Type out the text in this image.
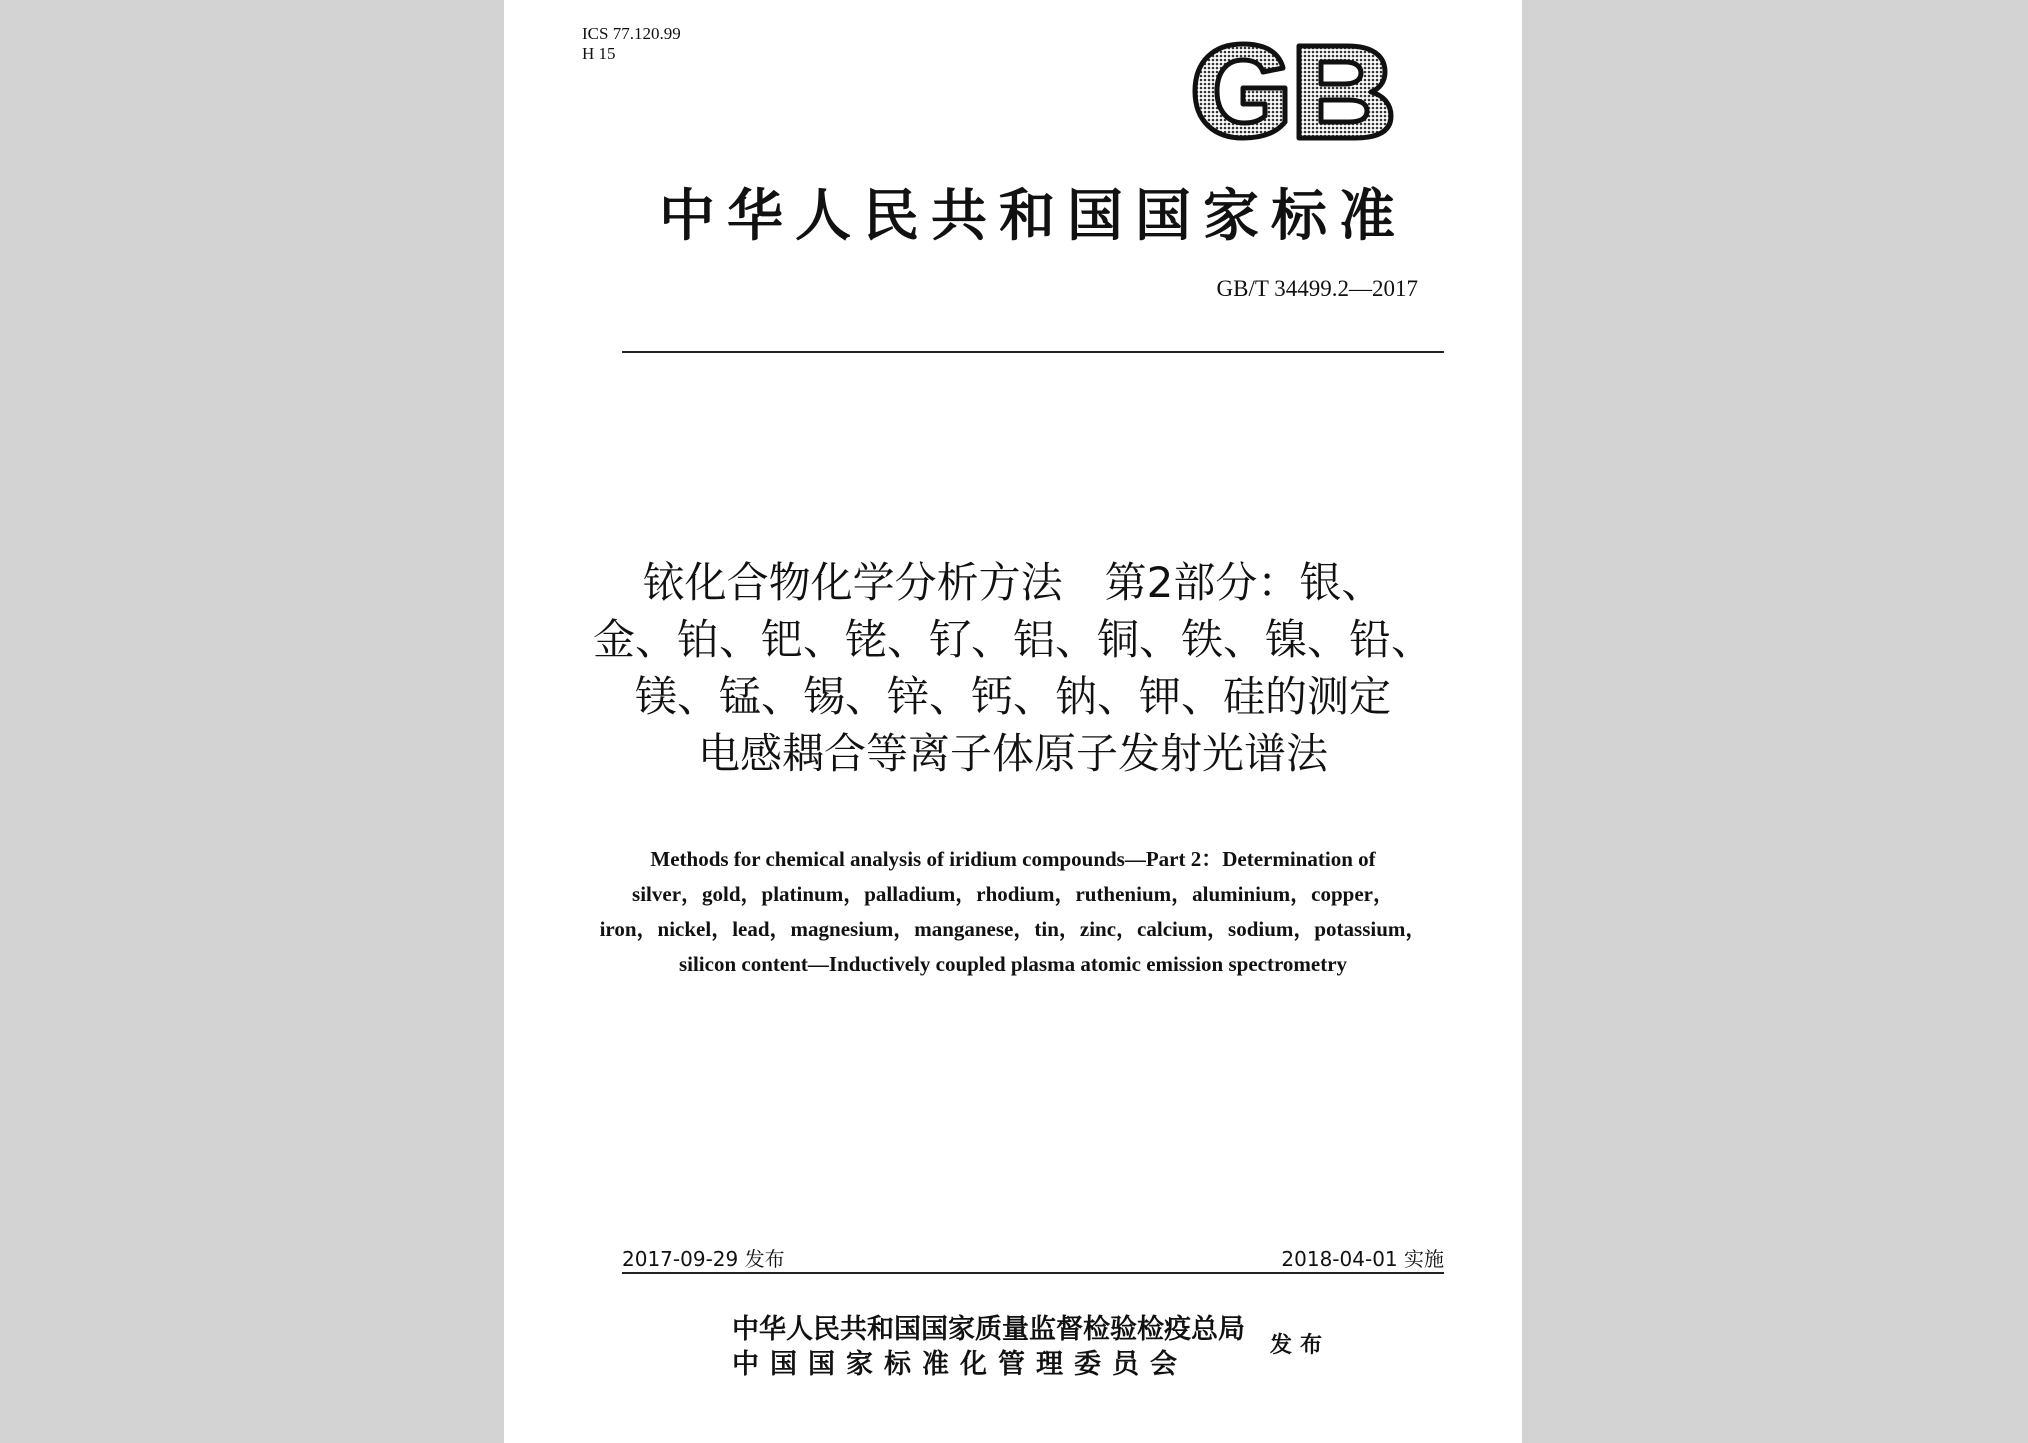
ICS 77.120.99
H 15
中华人民共和国国家标准
GB/T 34499.2—2017
铱化合物化学分析方法　第2部分：银、
金、铂、钯、铑、钌、铝、铜、铁、镍、铅、
镁、锰、锡、锌、钙、钠、钾、硅的测定
电感耦合等离子体原子发射光谱法
Methods for chemical analysis of iridium compounds—Part 2：Determination of
silver，gold，platinum，palladium，rhodium，ruthenium，aluminium，copper，
iron，nickel，lead，magnesium，manganese，tin，zinc，calcium，sodium，potassium，
silicon content—Inductively coupled plasma atomic emission spectrometry
2017-09-29 发布	2018-04-01 实施
中华人民共和国国家质量监督检验检疫总局
中国国家标准化管理委员会
发布
